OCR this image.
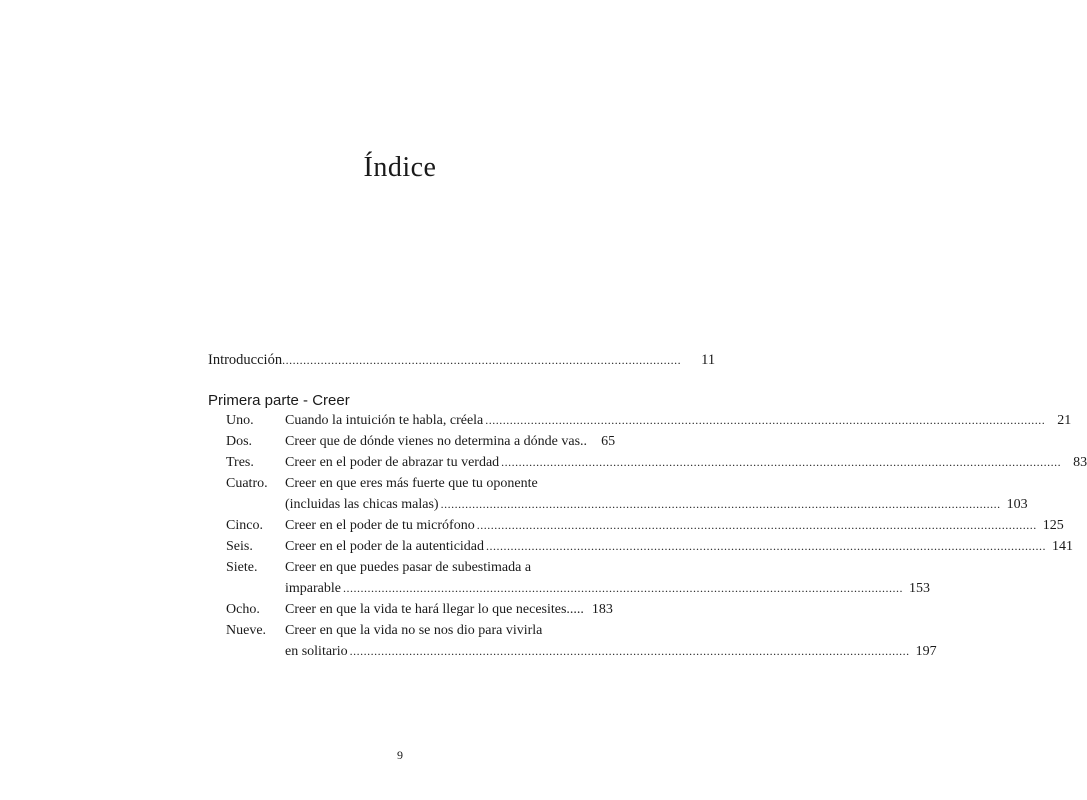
Índice
Introducción ..................................................................................................................	11
Primera parte - Creer
Uno. Cuando la intuición te habla, créela ................................................................................................................................................................ 21
Dos. Creer que de dónde vienes no determina a dónde vas..	65
Tres. Creer en el poder de abrazar tu verdad ................................................................................................................................................................ 83
Cuatro. Creer en que eres más fuerte que tu oponente
(incluidas las chicas malas) ................................................................................................................................................................ 103
Cinco. Creer en el poder de tu micrófono ................................................................................................................................................................ 125
Seis. Creer en el poder de la autenticidad ................................................................................................................................................................ 141
Siete. Creer en que puedes pasar de subestimada a
imparable ................................................................................................................................................................ 153
Ocho. Creer en que la vida te hará llegar lo que necesites..... 183
Nueve. Creer en que la vida no se nos dio para vivirla
en solitario ................................................................................................................................................................ 197
9
